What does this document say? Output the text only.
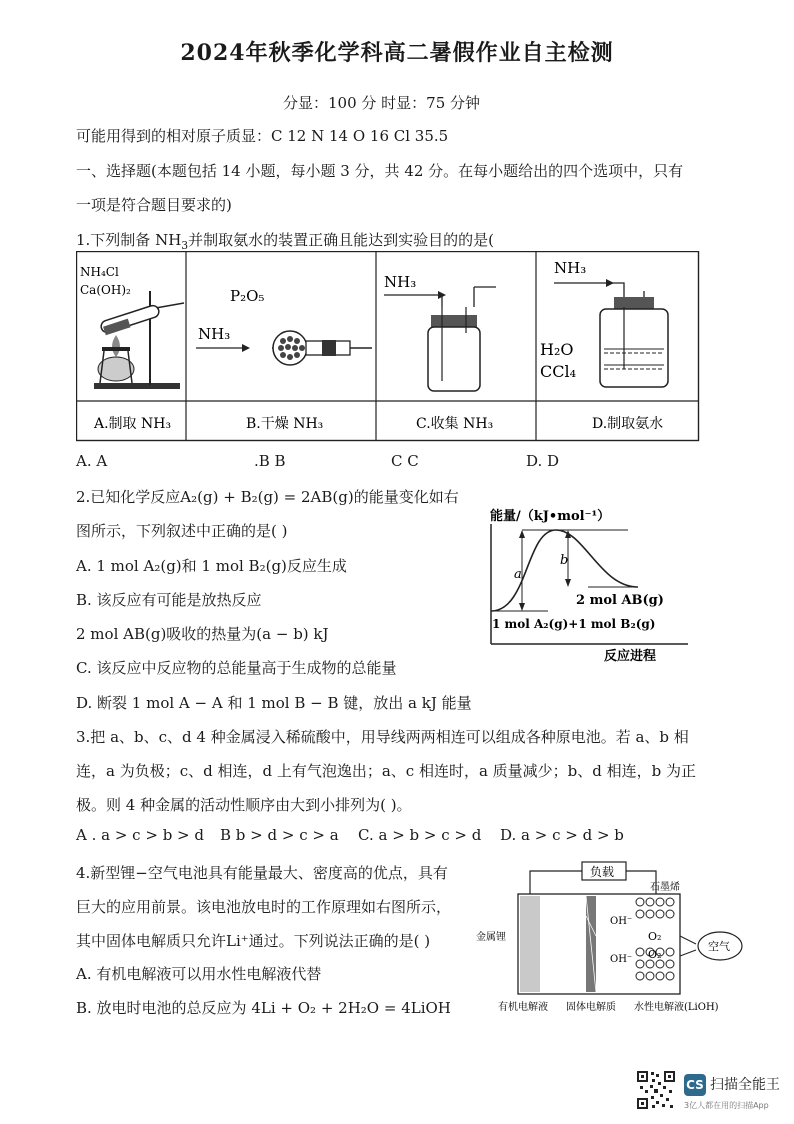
2024年秋季化学科高二暑假作业自主检测
分显：100 分 时显：75 分钟
可能用得到的相对原子质显：C 12 N 14 O 16 Cl 35.5
一、选择题(本题包括 14 小题，每小题 3 分，共 42 分。在每小题给出的四个选项中，只有
一项是符合题目要求的)
1.下列制备 $NH_3$并制取氨水的装置正确且能达到实验目的的是(
NH₄Cl
Ca(OH)₂	P₂O₅
NH₃
NH₃
NH₃
H₂O
CCl₄
A.制取 NH₃	B.干燥 NH₃	C.收集 NH₃	D.制取氨水
A. A	.​B B	C C	D. D
2.已知化学反应A₂(g) + B₂(g) = 2AB(g)的能量变化如右
图所示，下列叙述中正确的是( )
A. 1 mol A₂(g)和 1 mol B₂(g)反应生成
B. 该反应有可能是放热反应
2 mol AB(g)吸收的热量为(a − b) kJ
C. 该反应中反应物的总能量高于生成物的总能量
D. 断裂 1 mol A − A 和 1 mol B − B 键，放出 a kJ 能量
能量/（kJ•mol⁻¹）
a
b
2 mol AB(g)
1 mol A₂(g)+1 mol B₂(g)
反应进程
3.把 a、b、c、d 4 种金属浸入稀硫酸中，用导线两两相连可以组成各种原电池。若 a、b 相
连，a 为负极；c、d 相连，d 上有气泡逸出；a、c 相连时，a 质量减少；b、d 相连，b 为正
极。则 4 种金属的活动性顺序由大到小排列为( )。
A . a > c > b > d B b > d > c > a C. a > b > c > d D. a > c > d > b
4.新型锂−空气电池具有能量最大、密度高的优点，具有
巨大的应用前景。该电池放电时的工作原理如右图所示，
其中固体电解质只允许Li⁺通过。下列说法正确的是( )
A. 有机电解液可以用水性电解液代替
B. 放电时电池的总反应为 4Li + O₂ + 2H₂O = 4LiOH
负载
石墨烯
OH⁻
OH⁻
O₂
O₂
空气
金属锂
有机电解液 固体电解质 水性电解液(LiOH)
CS 扫描全能王
3亿人都在用的扫描App
